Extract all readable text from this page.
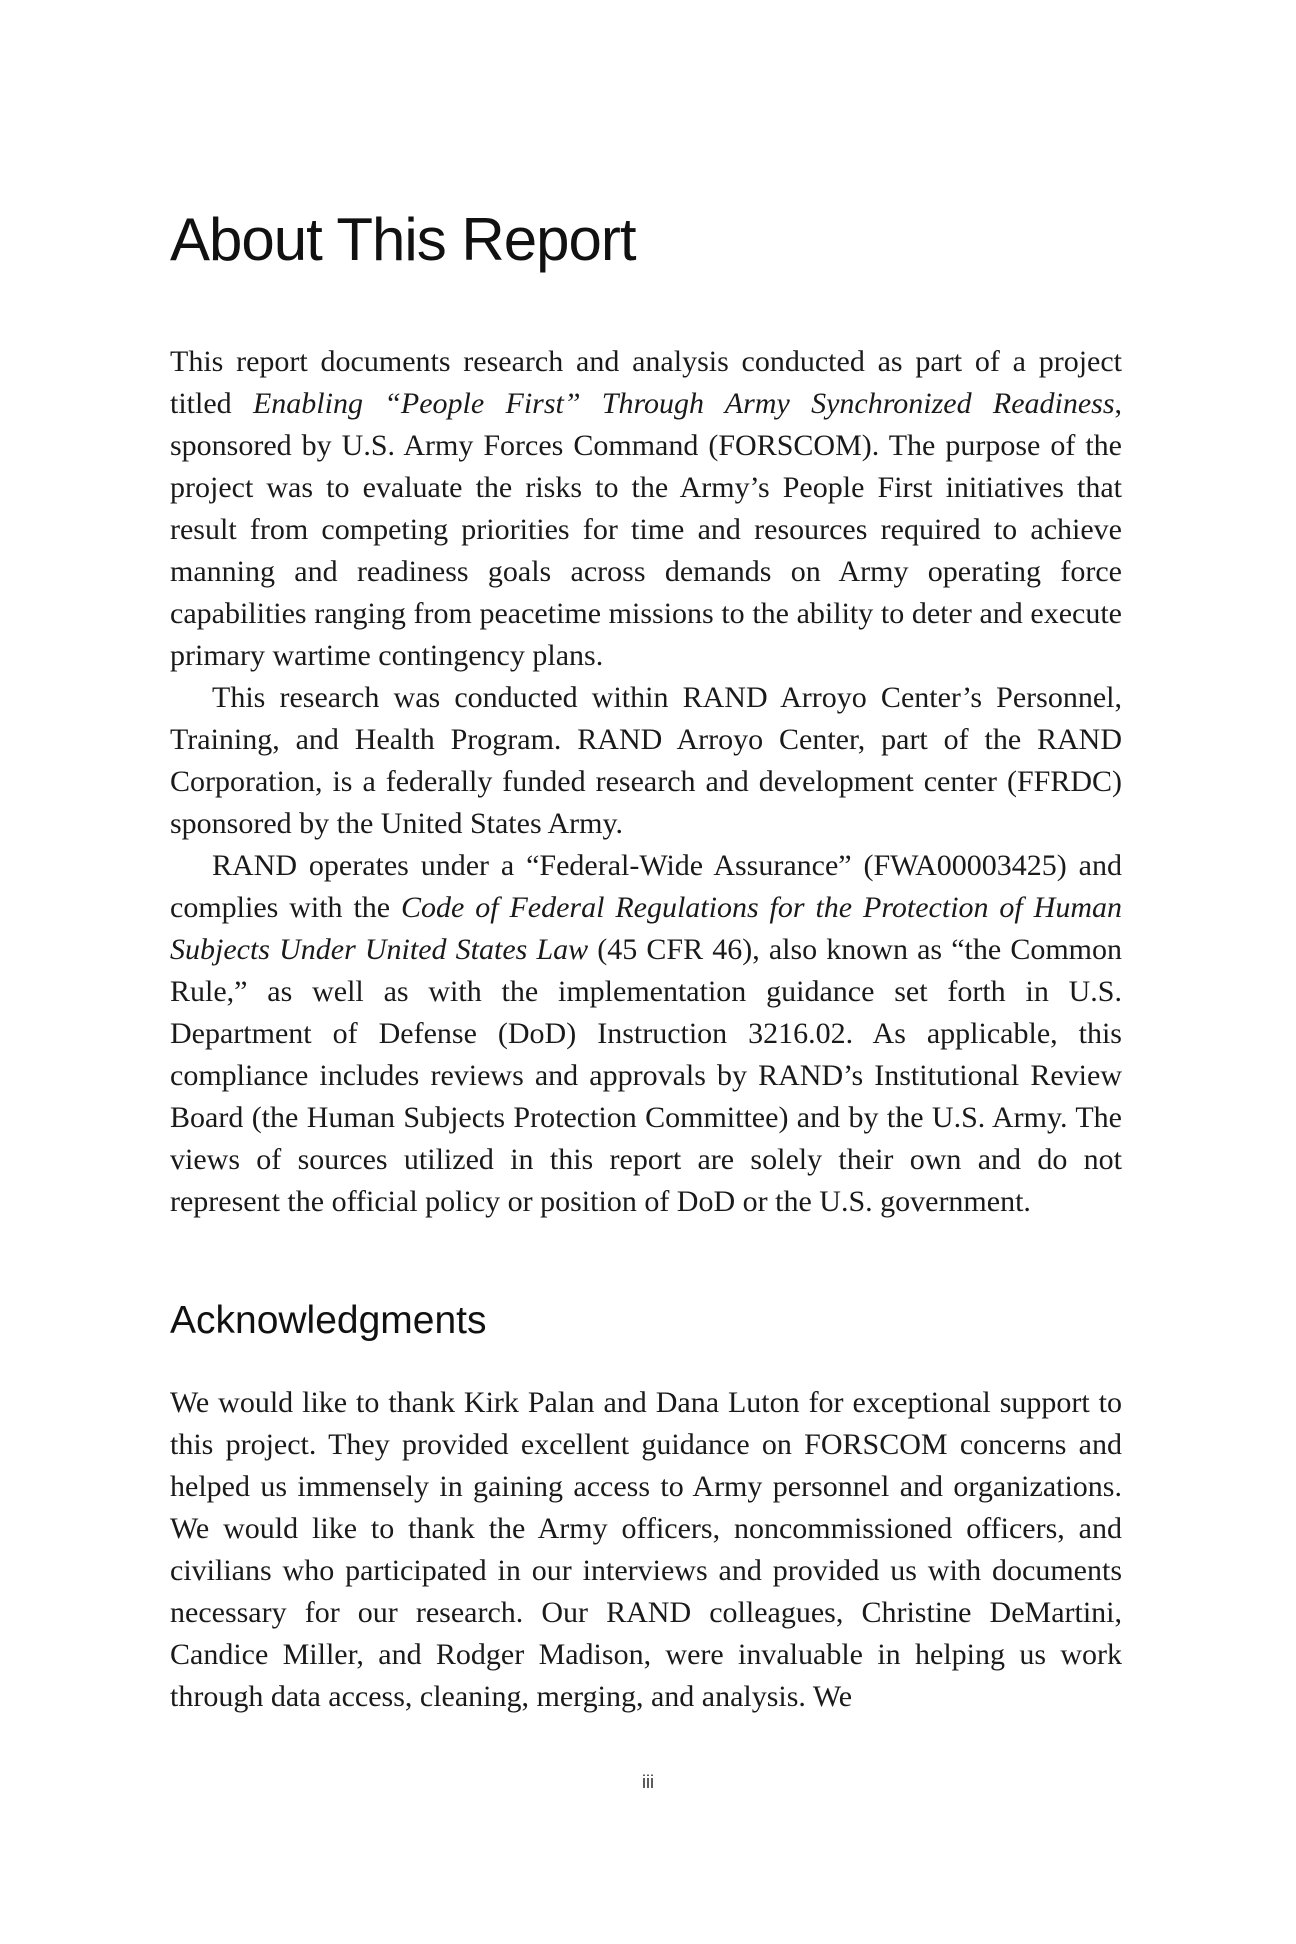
About This Report

This report documents research and analysis conducted as part of a project titled Enabling “People First” Through Army Synchronized Readiness, sponsored by U.S. Army Forces Command (FORSCOM). The purpose of the project was to evaluate the risks to the Army’s People First initiatives that result from competing priorities for time and resources required to achieve manning and readiness goals across demands on Army operating force capabilities ranging from peacetime missions to the ability to deter and execute primary wartime contingency plans.

This research was conducted within RAND Arroyo Center’s Personnel, Training, and Health Program. RAND Arroyo Center, part of the RAND Corporation, is a federally funded research and development center (FFRDC) sponsored by the United States Army.

RAND operates under a “Federal-Wide Assurance” (FWA00003425) and complies with the Code of Federal Regulations for the Protection of Human Subjects Under United States Law (45 CFR 46), also known as “the Common Rule,” as well as with the implementation guidance set forth in U.S. Department of Defense (DoD) Instruction 3216.02. As applicable, this compliance includes reviews and approvals by RAND’s Institutional Review Board (the Human Subjects Protection Committee) and by the U.S. Army. The views of sources utilized in this report are solely their own and do not represent the official policy or position of DoD or the U.S. government.

Acknowledgments

We would like to thank Kirk Palan and Dana Luton for exceptional support to this project. They provided excellent guidance on FORSCOM concerns and helped us immensely in gaining access to Army personnel and organizations. We would like to thank the Army officers, noncommissioned officers, and civilians who participated in our interviews and provided us with documents necessary for our research. Our RAND colleagues, Christine DeMartini, Candice Miller, and Rodger Madison, were invaluable in helping us work through data access, cleaning, merging, and analysis. We

iii
